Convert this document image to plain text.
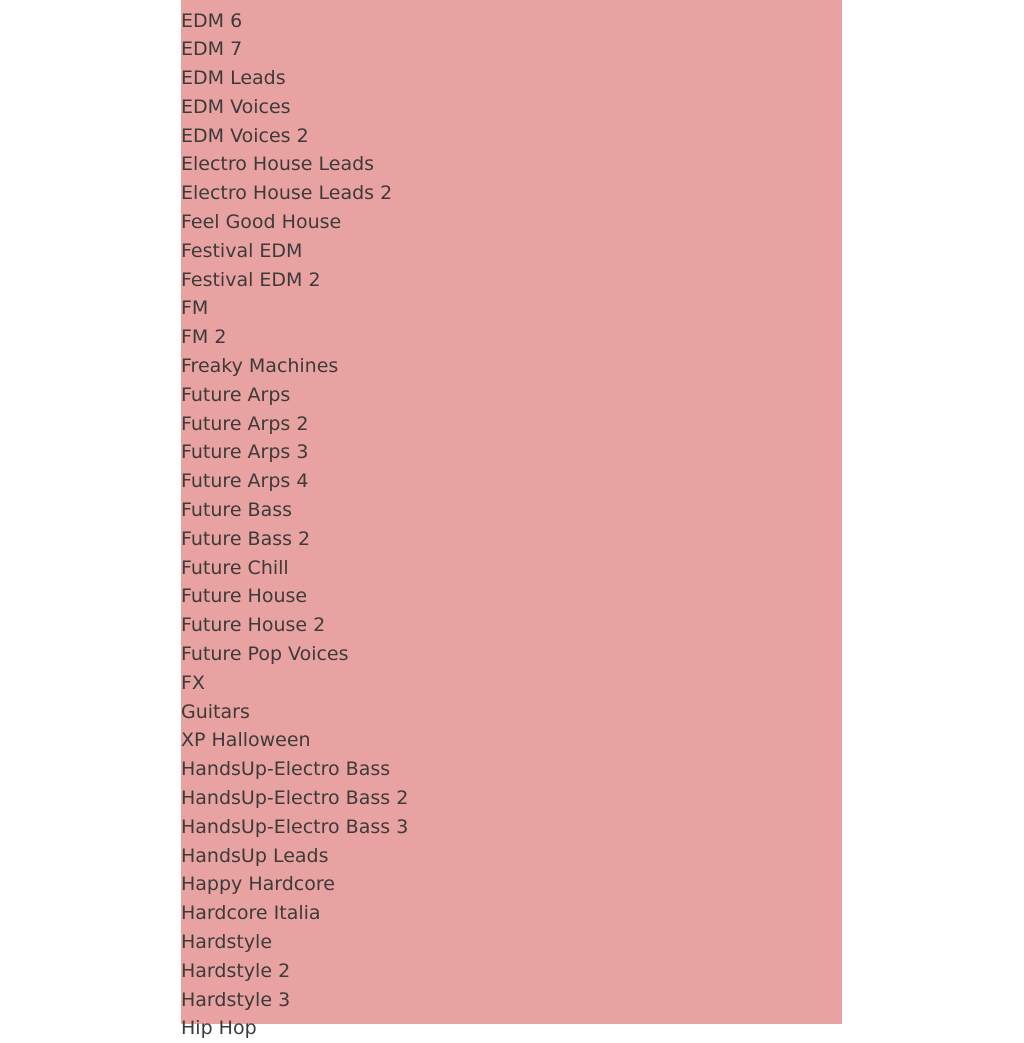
EDM 6
EDM 7
EDM Leads
EDM Voices
EDM Voices 2
Electro House Leads
Electro House Leads 2
Feel Good House
Festival EDM
Festival EDM 2
FM
FM 2
Freaky Machines
Future Arps
Future Arps 2
Future Arps 3
Future Arps 4
Future Bass
Future Bass 2
Future Chill
Future House
Future House 2
Future Pop Voices
FX
Guitars
XP Halloween
HandsUp-Electro Bass
HandsUp-Electro Bass 2
HandsUp-Electro Bass 3
HandsUp Leads
Happy Hardcore
Hardcore Italia
Hardstyle
Hardstyle 2
Hardstyle 3
Hip Hop
